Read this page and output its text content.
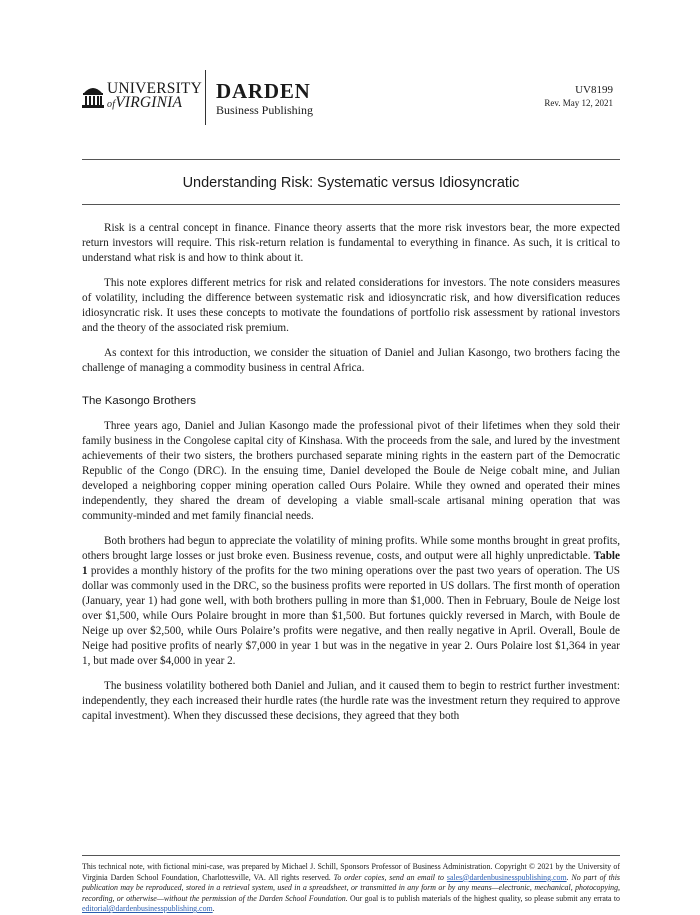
UNIVERSITY
ofVIRGINIA	DARDEN
Business Publishing
UV8199
Rev. May 12, 2021
Understanding Risk: Systematic versus Idiosyncratic

Risk is a central concept in finance. Finance theory asserts that the more risk investors bear, the more expected return investors will require. This risk-return relation is fundamental to everything in finance. As such, it is critical to understand what risk is and how to think about it.

This note explores different metrics for risk and related considerations for investors. The note considers measures of volatility, including the difference between systematic risk and idiosyncratic risk, and how diversification reduces idiosyncratic risk. It uses these concepts to motivate the foundations of portfolio risk assessment by rational investors and the theory of the associated risk premium.

As context for this introduction, we consider the situation of Daniel and Julian Kasongo, two brothers facing the challenge of managing a commodity business in central Africa.

The Kasongo Brothers

Three years ago, Daniel and Julian Kasongo made the professional pivot of their lifetimes when they sold their family business in the Congolese capital city of Kinshasa. With the proceeds from the sale, and lured by the investment achievements of their two sisters, the brothers purchased separate mining rights in the eastern part of the Democratic Republic of the Congo (DRC). In the ensuing time, Daniel developed the Boule de Neige cobalt mine, and Julian developed a neighboring copper mining operation called Ours Polaire. While they owned and operated their mines independently, they shared the dream of developing a viable small-scale artisanal mining operation that was community-minded and met family financial needs.

Both brothers had begun to appreciate the volatility of mining profits. While some months brought in great profits, others brought large losses or just broke even. Business revenue, costs, and output were all highly unpredictable. Table 1 provides a monthly history of the profits for the two mining operations over the past two years of operation. The US dollar was commonly used in the DRC, so the business profits were reported in US dollars. The first month of operation (January, year 1) had gone well, with both brothers pulling in more than $1,000. Then in February, Boule de Neige lost over $1,500, while Ours Polaire brought in more than $1,500. But fortunes quickly reversed in March, with Boule de Neige up over $2,500, while Ours Polaire’s profits were negative, and then really negative in April. Overall, Boule de Neige had positive profits of nearly $7,000 in year 1 but was in the negative in year 2. Ours Polaire lost $1,364 in year 1, but made over $4,000 in year 2.

The business volatility bothered both Daniel and Julian, and it caused them to begin to restrict further investment: independently, they each increased their hurdle rates (the hurdle rate was the investment return they required to approve capital investment). When they discussed these decisions, they agreed that they both

This technical note, with fictional mini-case, was prepared by Michael J. Schill, Sponsors Professor of Business Administration. Copyright © 2021 by the University of Virginia Darden School Foundation, Charlottesville, VA. All rights reserved. To order copies, send an email to sales@dardenbusinesspublishing.com. No part of this publication may be reproduced, stored in a retrieval system, used in a spreadsheet, or transmitted in any form or by any means—electronic, mechanical, photocopying, recording, or otherwise—without the permission of the Darden School Foundation. Our goal is to publish materials of the highest quality, so please submit any errata to editorial@dardenbusinesspublishing.com.
